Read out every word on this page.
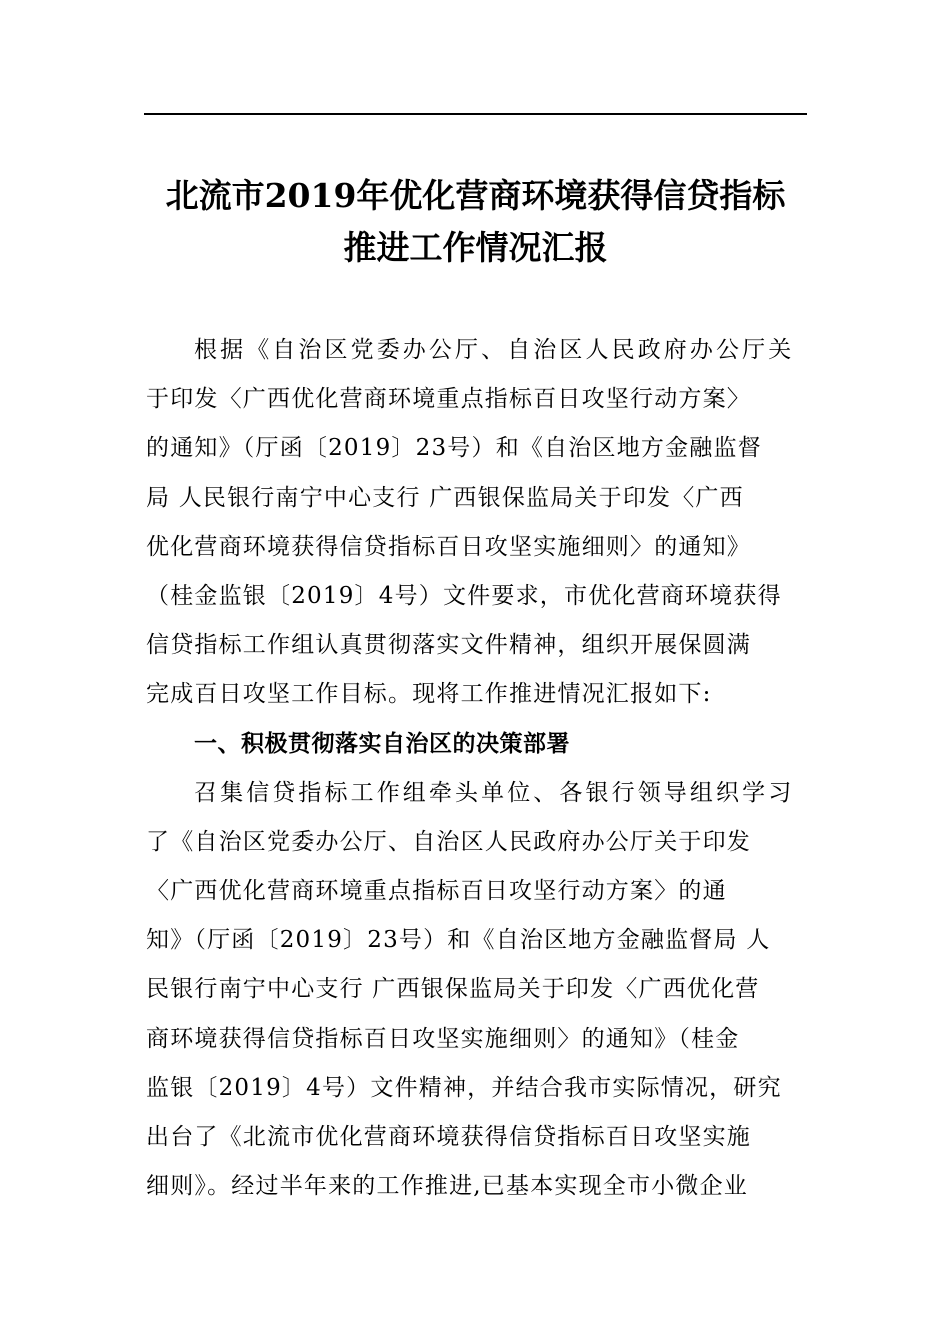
北流市2019年优化营商环境获得信贷指标
推进工作情况汇报
根据《自治区党委办公厅、自治区人民政府办公厅关
于印发〈广西优化营商环境重点指标百日攻坚行动方案〉
的通知》（厅函〔2019〕23号）和《自治区地方金融监督
局 人民银行南宁中心支行 广西银保监局关于印发〈广西
优化营商环境获得信贷指标百日攻坚实施细则〉的通知》
（桂金监银〔2019〕4号）文件要求，市优化营商环境获得
信贷指标工作组认真贯彻落实文件精神，组织开展保圆满
完成百日攻坚工作目标。现将工作推进情况汇报如下:
一、积极贯彻落实自治区的决策部署
召集信贷指标工作组牵头单位、各银行领导组织学习
了《自治区党委办公厅、自治区人民政府办公厅关于印发
〈广西优化营商环境重点指标百日攻坚行动方案〉的通
知》（厅函〔2019〕23号）和《自治区地方金融监督局 人
民银行南宁中心支行 广西银保监局关于印发〈广西优化营
商环境获得信贷指标百日攻坚实施细则〉的通知》（桂金
监银〔2019〕4号）文件精神，并结合我市实际情况，研究
出台了《北流市优化营商环境获得信贷指标百日攻坚实施
细则》。经过半年来的工作推进,已基本实现全市小微企业
